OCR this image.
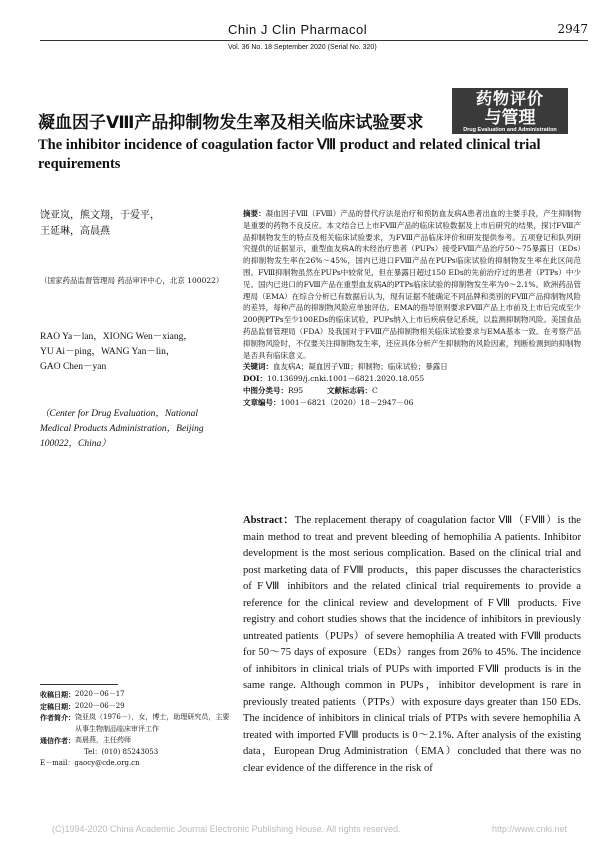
Chin J Clin Pharmacol	2947
Vol. 36 No. 18 September 2020 (Serial No. 320)
药物评价
与管理
Drug Evaluation and Administration
凝血因子Ⅷ产品抑制物发生率及相关临床试验要求
The inhibitor incidence of coagulation factor Ⅷ product and related clinical trial requirements
饶亚岚，熊文翔，于爱平，
王延琳，高晨燕
（国家药品监督管理局 药品审评中心，北京 100022）
RAO Ya－lan，XIONG Wen－xiang，
YU Ai－ping，WANG Yan－lin，
GAO Chen－yan
（Center for Drug Evaluation，National Medical Products Administration，Beijing 100022，China）
摘要：凝血因子Ⅷ（FⅧ）产品的替代疗法是治疗和预防血友病A患者出血的主要手段，产生抑制物是重要的药物不良反应。本文结合已上市FⅧ产品的临床试验数据及上市后研究的结果，探讨FⅧ产品抑制物发生的特点及相关临床试验要求，为FⅧ产品临床评价和研发提供参考。五项登记和队列研究提供的证据显示，重型血友病A的未经治疗患者（PUPs）接受FⅧ产品治疗50～75暴露日（EDs）的抑制物发生率在26%～45%，国内已进口FⅧ产品在PUPs临床试验的抑制物发生率在此区间范围。FⅧ抑制物虽然在PUPs中较常见，但在暴露日超过150 EDs的先前治疗过的患者（PTPs）中少见。国内已进口的FⅧ产品在重型血友病A的PTPs临床试验的抑制物发生率为0～2.1%。欧洲药品管理局（EMA）在综合分析已有数据后认为，现有证据不能确定不同品牌和类别的FⅧ产品抑制物风险的差异，每种产品的抑制物风险应单独评估。EMA的指导原则要求FⅧ产品上市前及上市后完成至少200例PTPs至少100EDs的临床试验，PUPs纳入上市后疾病登记系统，以监测抑制物风险。美国食品药品监督管理局（FDA）及我国对于FⅧ产品抑制物相关临床试验要求与EMA基本一致。在考察产品抑制物风险时，不仅要关注抑制物发生率，还应具体分析产生抑制物的风险因素，判断检测到的抑制物是否具有临床意义。
关键词：血友病A；凝血因子Ⅷ；抑制物；临床试验；暴露日
DOI：10.13699/j.cnki.1001－6821.2020.18.055
中图分类号：R95	文献标志码：C
文章编号：1001－6821（2020）18－2947－06
Abstract：The replacement therapy of coagulation factor Ⅷ（FⅧ）is the main method to treat and prevent bleeding of hemophilia A patients. Inhibitor development is the most serious complication. Based on the clinical trial and post marketing data of FⅧ products，this paper discusses the characteristics of FⅧ inhibitors and the related clinical trial requirements to provide a reference for the clinical review and development of FⅧ products. Five registry and cohort studies shows that the incidence of inhibitors in previously untreated patients（PUPs）of severe hemophilia A treated with FⅧ products for 50～75 days of exposure（EDs）ranges from 26% to 45%. The incidence of inhibitors in clinical trials of PUPs with imported FⅧ products is in the same range. Although common in PUPs，inhibitor development is rare in previously treated patients（PTPs）with exposure days greater than 150 EDs. The incidence of inhibitors in clinical trials of PTPs with severe hemophilia A treated with imported FⅧ products is 0～2.1%. After analysis of the existing data，European Drug Administration（EMA）concluded that there was no clear evidence of the difference in the risk of
收稿日期： 2020－06－17
定稿日期： 2020－06－29
作者简介： 饶亚岚（1976－），女，博士，助理研究员，主要从事生物制品临床审评工作
通信作者： 高晨燕，主任药师
Tel：(010) 85243053
E－mail：gaocy@cde.org.cn
(C)1994-2020 China Academic Journal Electronic Publishing House. All rights reserved.	http://www.cnki.net
